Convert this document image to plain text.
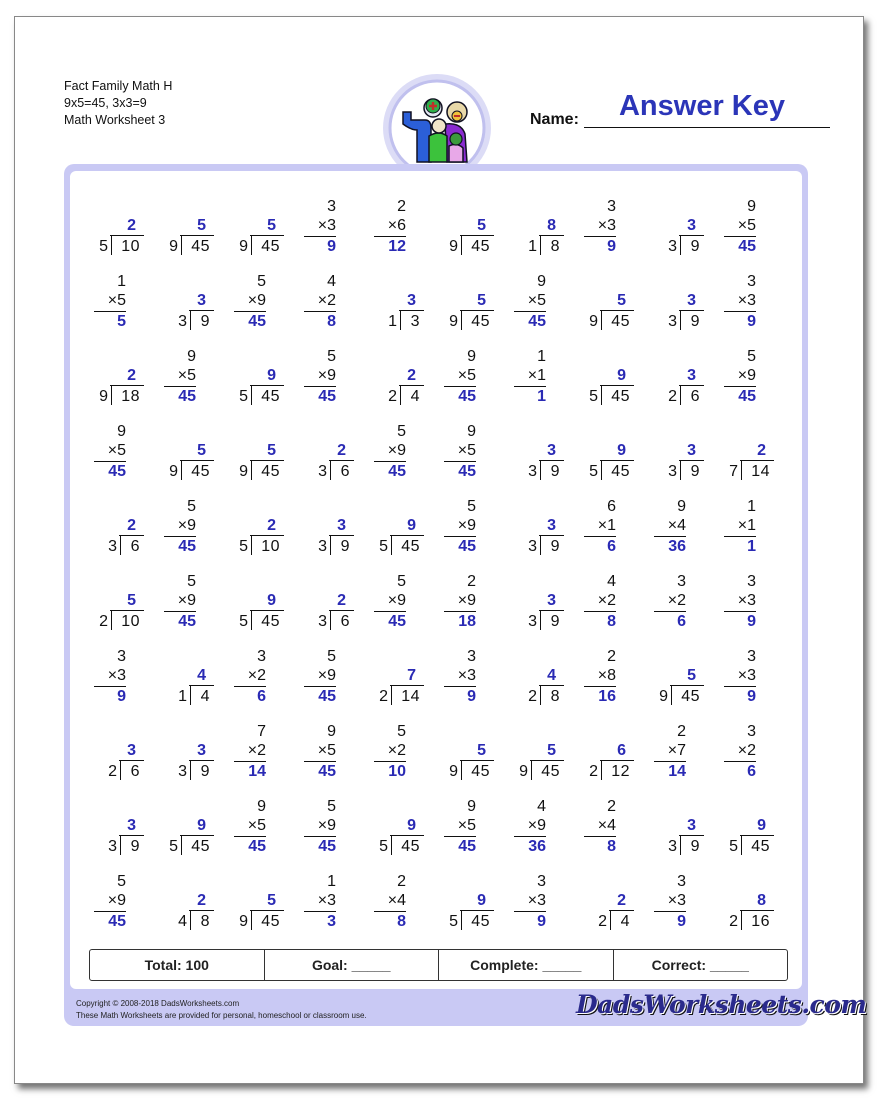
Fact Family Math H
9x5=45, 3x3=9
Math Worksheet 3	Name:	Answer Key
2
10
5
5
45
9
5
45
9
3
×3
9
2
×6
12
5
45
9
8
8
1
3
×3
9
3
9
3
9
×5
45
1
×5
5
3
9
3
5
×9
45
4
×2
8
3
3
1
5
45
9
9
×5
45
5
45
9
3
9
3
3
×3
9
2
18
9
9
×5
45
9
45
5
5
×9
45
2
4
2
9
×5
45
1
×1
1
9
45
5
3
6
2
5
×9
45
9
×5
45
5
45
9
5
45
9
2
6
3
5
×9
45
9
×5
45
3
9
3
9
45
5
3
9
3
2
14
7
2
6
3
5
×9
45
2
10
5
3
9
3
9
45
5
5
×9
45
3
9
3
6
×1
6
9
×4
36
1
×1
1
5
10
2
5
×9
45
9
45
5
2
6
3
5
×9
45
2
×9
18
3
9
3
4
×2
8
3
×2
6
3
×3
9
3
×3
9
4
4
1
3
×2
6
5
×9
45
7
14
2
3
×3
9
4
8
2
2
×8
16
5
45
9
3
×3
9
3
6
2
3
9
3
7
×2
14
9
×5
45
5
×2
10
5
45
9
5
45
9
6
12
2
2
×7
14
3
×2
6
3
9
3
9
45
5
9
×5
45
5
×9
45
9
45
5
9
×5
45
4
×9
36
2
×4
8
3
9
3
9
45
5
5
×9
45
2
8
4
5
45
9
1
×3
3
2
×4
8
9
45
5
3
×3
9
2
4
2
3
×3
9
8
16
2
Total: 100	Goal: _____	Complete: _____	Correct: _____
Copyright © 2008-2018 DadsWorksheets.com
These Math Worksheets are provided for personal, homeschool or classroom use.	DadsWorksheets.com
